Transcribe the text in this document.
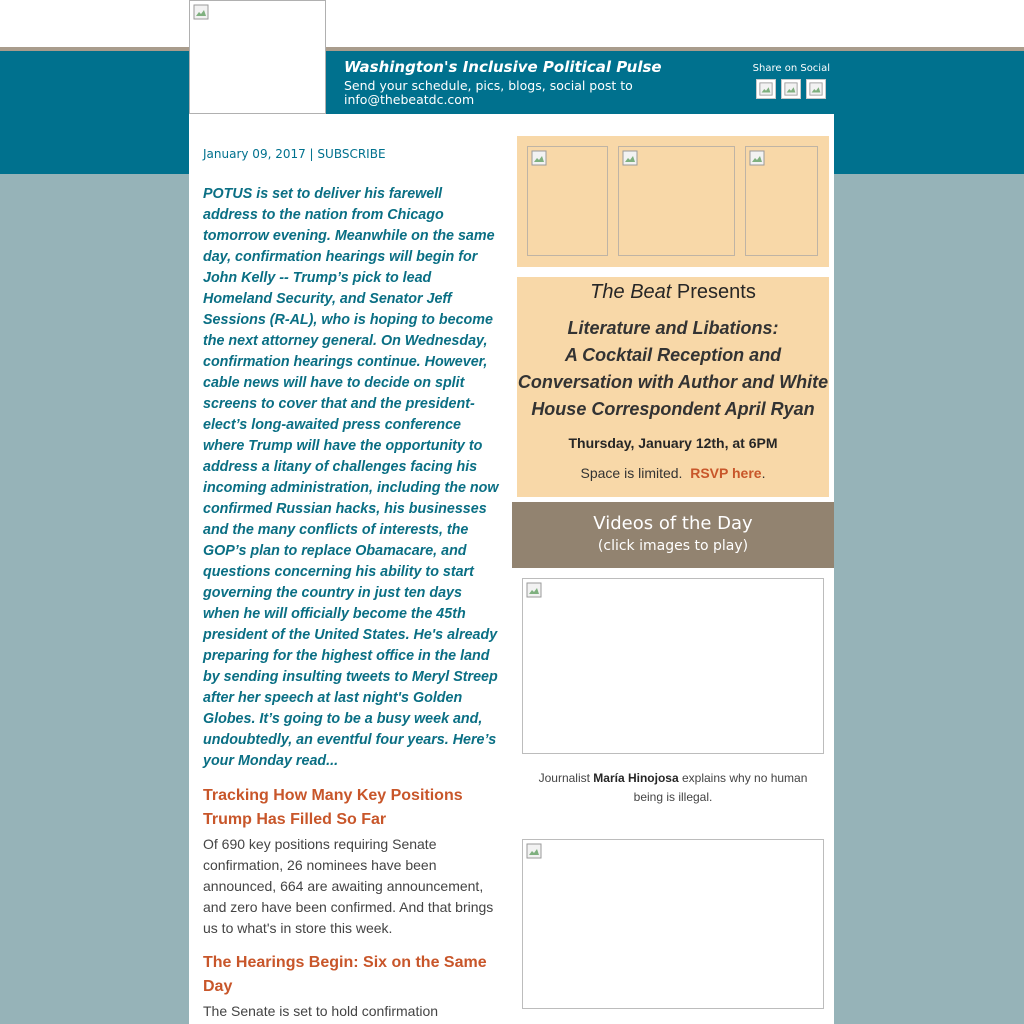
Washington's Inclusive Political Pulse
Send your schedule, pics, blogs, social post to info@thebeatdc.com
Share on Social
January 09, 2017 | SUBSCRIBE
POTUS is set to deliver his farewell address to the nation from Chicago tomorrow evening. Meanwhile on the same day, confirmation hearings will begin for John Kelly -- Trump’s pick to lead Homeland Security, and Senator Jeff Sessions (R-AL), who is hoping to become the next attorney general. On Wednesday, confirmation hearings continue. However, cable news will have to decide on split screens to cover that and the president-elect’s long-awaited press conference where Trump will have the opportunity to address a litany of challenges facing his incoming administration, including the now confirmed Russian hacks, his businesses and the many conflicts of interests, the GOP’s plan to replace Obamacare, and questions concerning his ability to start governing the country in just ten days when he will officially become the 45th president of the United States. He's already preparing for the highest office in the land by sending insulting tweets to Meryl Streep after her speech at last night's Golden Globes. It’s going to be a busy week and, undoubtedly, an eventful four years. Here’s your Monday read...
Tracking How Many Key Positions Trump Has Filled So Far
Of 690 key positions requiring Senate confirmation, 26 nominees have been announced, 664 are awaiting announcement, and zero have been confirmed. And that brings us to what's in store this week.
The Hearings Begin: Six on the Same Day
The Senate is set to hold confirmation
The Beat Presents
Literature and Libations:
A Cocktail Reception and Conversation with Author and White House Correspondent April Ryan
Thursday, January 12th, at 6PM
Space is limited. RSVP here.
Videos of the Day
(click images to play)
Journalist María Hinojosa explains why no human being is illegal.
